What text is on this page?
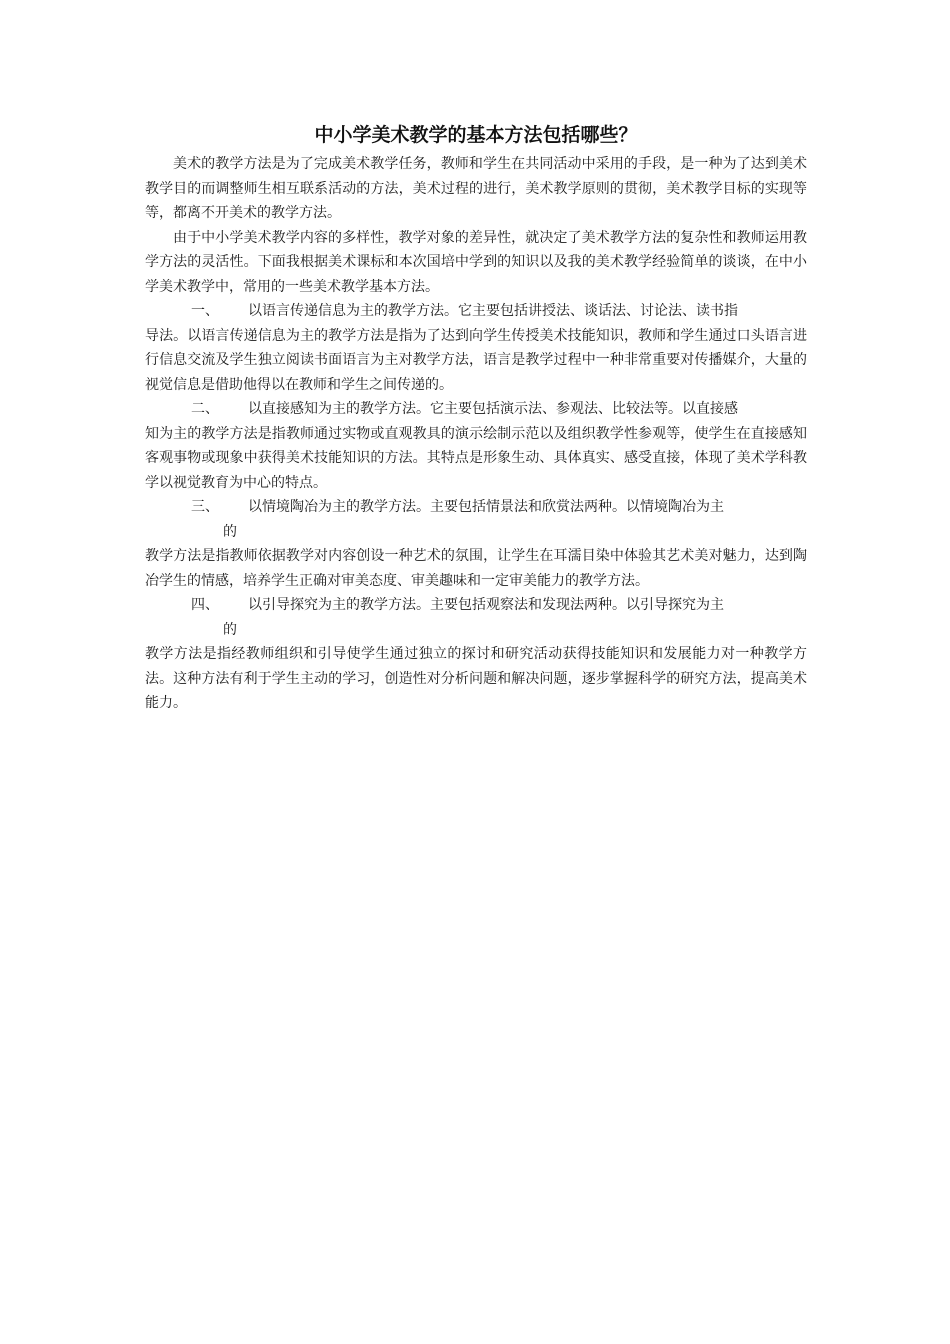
中小学美术教学的基本方法包括哪些？

美术的教学方法是为了完成美术教学任务，教师和学生在共同活动中采用的手段，是一种为了达到美术教学目的而调整师生相互联系活动的方法，美术过程的进行，美术教学原则的贯彻，美术教学目标的实现等等，都离不开美术的教学方法。

由于中小学美术教学内容的多样性，教学对象的差异性，就决定了美术教学方法的复杂性和教师运用教学方法的灵活性。下面我根据美术课标和本次国培中学到的知识以及我的美术教学经验简单的谈谈，在中小学美术教学中，常用的一些美术教学基本方法。

一、	以语言传递信息为主的教学方法。它主要包括讲授法、谈话法、讨论法、读书指
导法。以语言传递信息为主的教学方法是指为了达到向学生传授美术技能知识，教师和学生通过口头语言进行信息交流及学生独立阅读书面语言为主对教学方法，语言是教学过程中一种非常重要对传播媒介，大量的视觉信息是借助他得以在教师和学生之间传递的。
二、	以直接感知为主的教学方法。它主要包括演示法、参观法、比较法等。以直接感
知为主的教学方法是指教师通过实物或直观教具的演示绘制示范以及组织教学性参观等，使学生在直接感知客观事物或现象中获得美术技能知识的方法。其特点是形象生动、具体真实、感受直接，体现了美术学科教学以视觉教育为中心的特点。
三、	以情境陶冶为主的教学方法。主要包括情景法和欣赏法两种。以情境陶冶为主
的
教学方法是指教师依据教学对内容创设一种艺术的氛围，让学生在耳濡目染中体验其艺术美对魅力，达到陶冶学生的情感，培养学生正确对审美态度、审美趣味和一定审美能力的教学方法。
四、	以引导探究为主的教学方法。主要包括观察法和发现法两种。以引导探究为主
的
教学方法是指经教师组织和引导使学生通过独立的探讨和研究活动获得技能知识和发展能力对一种教学方法。这种方法有利于学生主动的学习，创造性对分析问题和解决问题，逐步掌握科学的研究方法，提高美术能力。
